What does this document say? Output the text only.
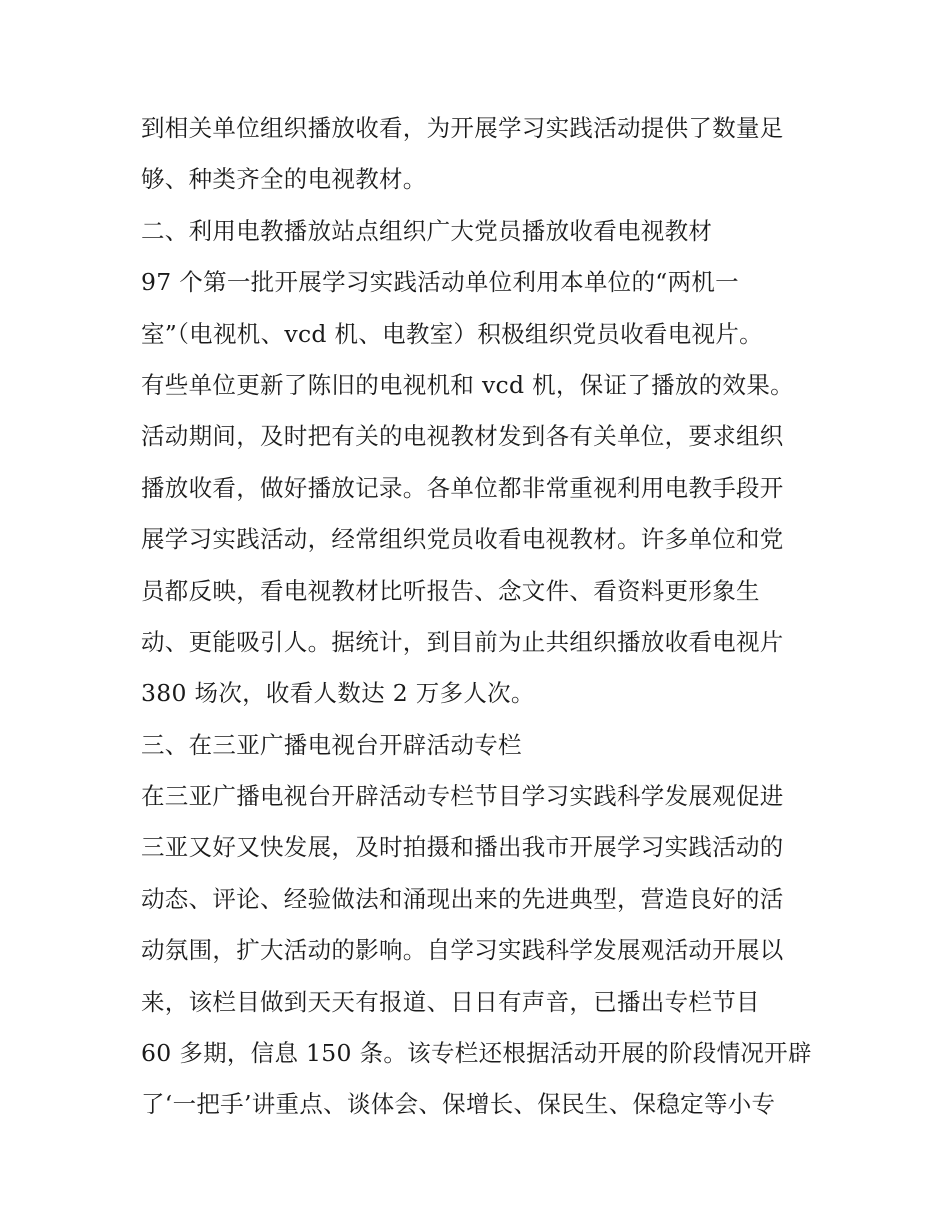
到相关单位组织播放收看，为开展学习实践活动提供了数量足
够、种类齐全的电视教材。
二、利用电教播放站点组织广大党员播放收看电视教材
97 个第一批开展学习实践活动单位利用本单位的“两机一
室”（电视机、vcd 机、电教室）积极组织党员收看电视片。
有些单位更新了陈旧的电视机和 vcd 机，保证了播放的效果。
活动期间，及时把有关的电视教材发到各有关单位，要求组织
播放收看，做好播放记录。各单位都非常重视利用电教手段开
展学习实践活动，经常组织党员收看电视教材。许多单位和党
员都反映，看电视教材比听报告、念文件、看资料更形象生
动、更能吸引人。据统计，到目前为止共组织播放收看电视片
380 场次，收看人数达 2 万多人次。
三、在三亚广播电视台开辟活动专栏
在三亚广播电视台开辟活动专栏节目学习实践科学发展观促进
三亚又好又快发展，及时拍摄和播出我市开展学习实践活动的
动态、评论、经验做法和涌现出来的先进典型，营造良好的活
动氛围，扩大活动的影响。自学习实践科学发展观活动开展以
来，该栏目做到天天有报道、日日有声音，已播出专栏节目
60 多期，信息 150 条。该专栏还根据活动开展的阶段情况开辟
了‘一把手’讲重点、谈体会、保增长、保民生、保稳定等小专
